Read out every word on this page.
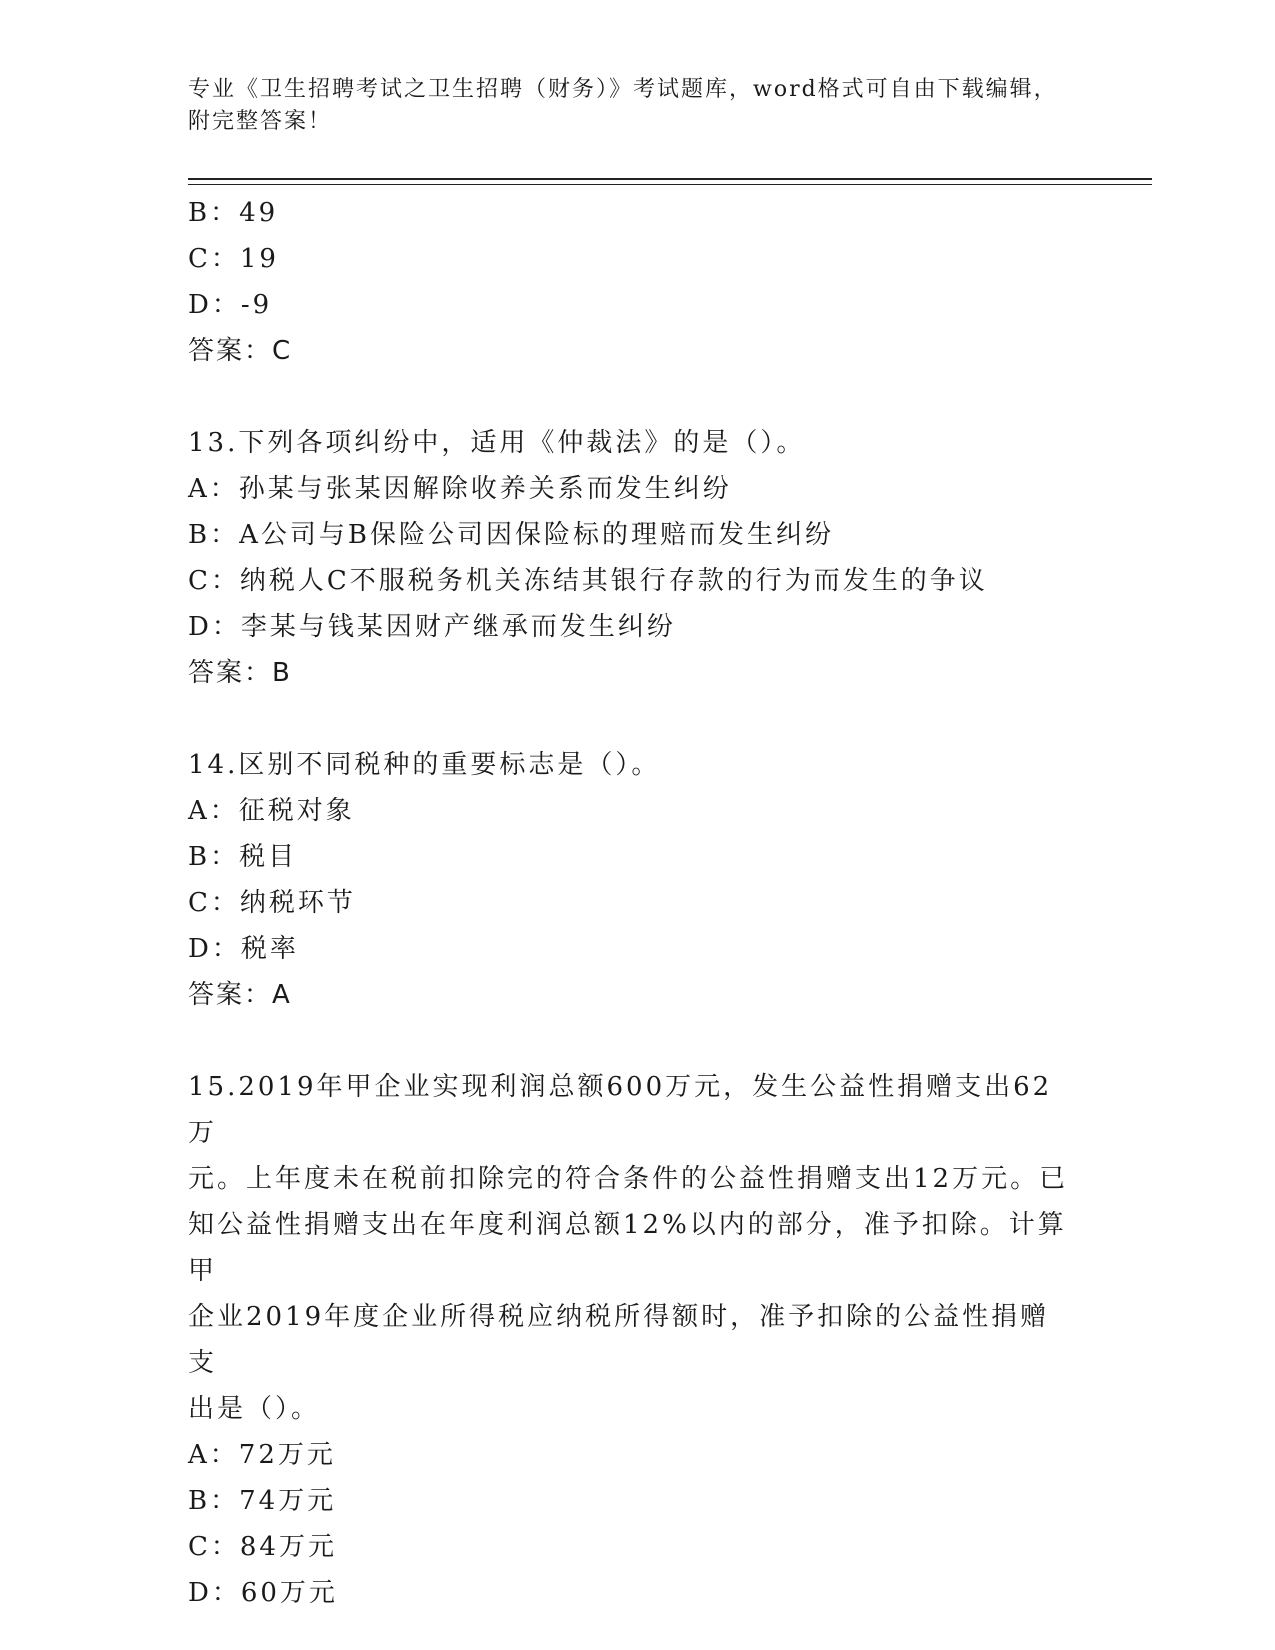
专业《卫生招聘考试之卫生招聘（财务）》考试题库，word格式可自由下载编辑，附完整答案！
B：49
C：19
D：-9
答案：C
13.下列各项纠纷中，适用《仲裁法》的是（）。
A：孙某与张某因解除收养关系而发生纠纷
B：A公司与B保险公司因保险标的理赔而发生纠纷
C：纳税人C不服税务机关冻结其银行存款的行为而发生的争议
D：李某与钱某因财产继承而发生纠纷
答案：B
14.区别不同税种的重要标志是（）。
A：征税对象
B：税目
C：纳税环节
D：税率
答案：A
15.2019年甲企业实现利润总额600万元，发生公益性捐赠支出62万
元。上年度未在税前扣除完的符合条件的公益性捐赠支出12万元。已
知公益性捐赠支出在年度利润总额12%以内的部分，准予扣除。计算甲
企业2019年度企业所得税应纳税所得额时，准予扣除的公益性捐赠支
出是（）。
A：72万元
B：74万元
C：84万元
D：60万元
